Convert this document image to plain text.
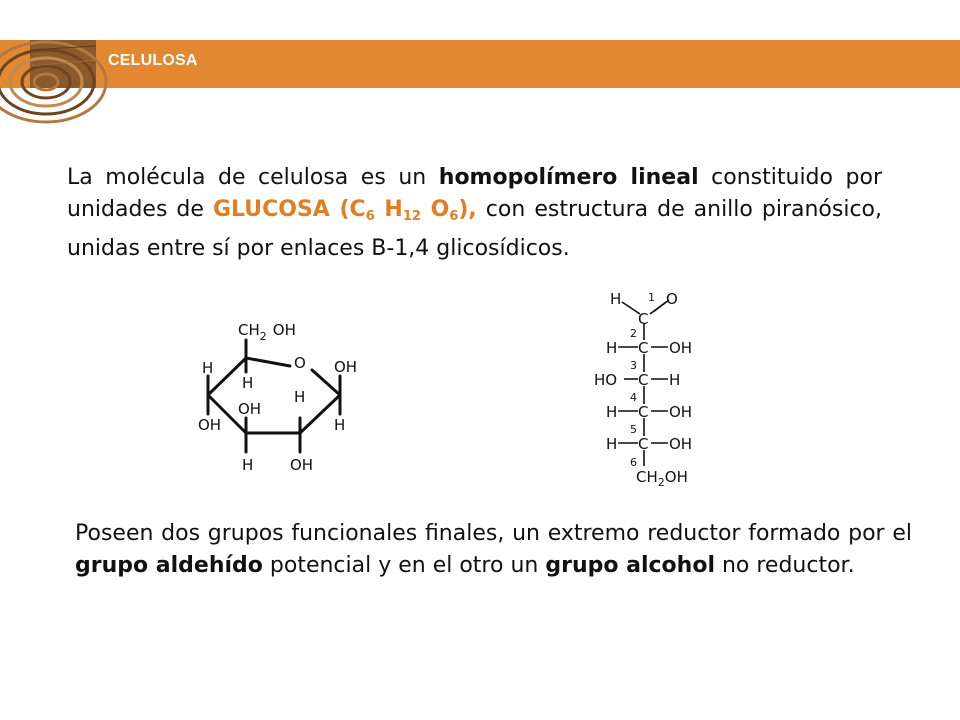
CELULOSA

La molécula de celulosa es un homopolímero lineal constituido por unidades de GLUCOSA ($C_6$ $H_{12}$ $O_6$), con estructura de anillo piranósico, unidas entre sí por enlaces Β-1,4 glicosídicos.

$CH_2$ OH
O
H
OH
H
OH
H OH
H
OH
H
H OH
H	O
C
C
C
C
C
H	OH
HO	H
H	OH
H	OH
$CH_2OH$
1
2
3
4
5
6

Poseen dos grupos funcionales finales, un extremo reductor formado por el grupo aldehído potencial y en el otro un grupo alcohol no reductor.
